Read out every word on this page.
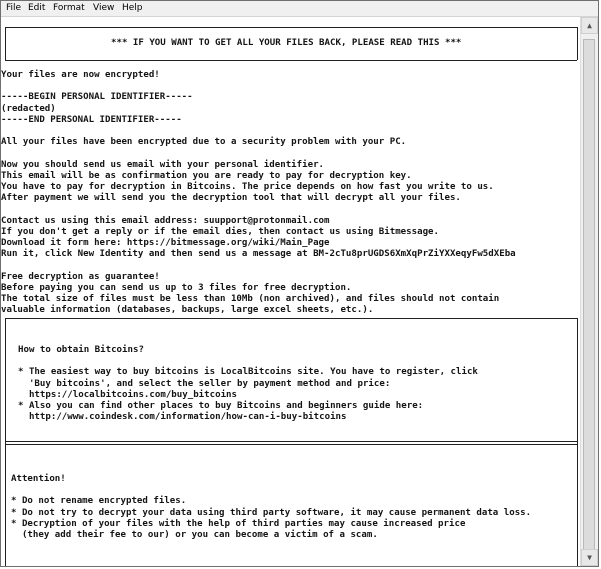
File Edit Format View Help
*** IF YOU WANT TO GET ALL YOUR FILES BACK, PLEASE READ THIS ***
Your files are now encrypted!
-----BEGIN PERSONAL IDENTIFIER-----
(redacted)
-----END PERSONAL IDENTIFIER-----
All your files have been encrypted due to a security problem with your PC.
Now you should send us email with your personal identifier.
This email will be as confirmation you are ready to pay for decryption key.
You have to pay for decryption in Bitcoins. The price depends on how fast you write to us.
After payment we will send you the decryption tool that will decrypt all your files.
Contact us using this email address: suupport@protonmail.com
If you don't get a reply or if the email dies, then contact us using Bitmessage.
Download it form here: https://bitmessage.org/wiki/Main_Page
Run it, click New Identity and then send us a message at BM-2cTu8prUGDS6XmXqPrZiYXXeqyFw5dXEba
Free decryption as guarantee!
Before paying you can send us up to 3 files for free decryption.
The total size of files must be less than 10Mb (non archived), and files should not contain
valuable information (databases, backups, large excel sheets, etc.).
How to obtain Bitcoins?
* The easiest way to buy bitcoins is LocalBitcoins site. You have to register, click
'Buy bitcoins', and select the seller by payment method and price:
https://localbitcoins.com/buy_bitcoins
* Also you can find other places to buy Bitcoins and beginners guide here:
http://www.coindesk.com/information/how-can-i-buy-bitcoins
Attention!
* Do not rename encrypted files.
* Do not try to decrypt your data using third party software, it may cause permanent data loss.
* Decryption of your files with the help of third parties may cause increased price
(they add their fee to our) or you can become a victim of a scam.
▲
▼
